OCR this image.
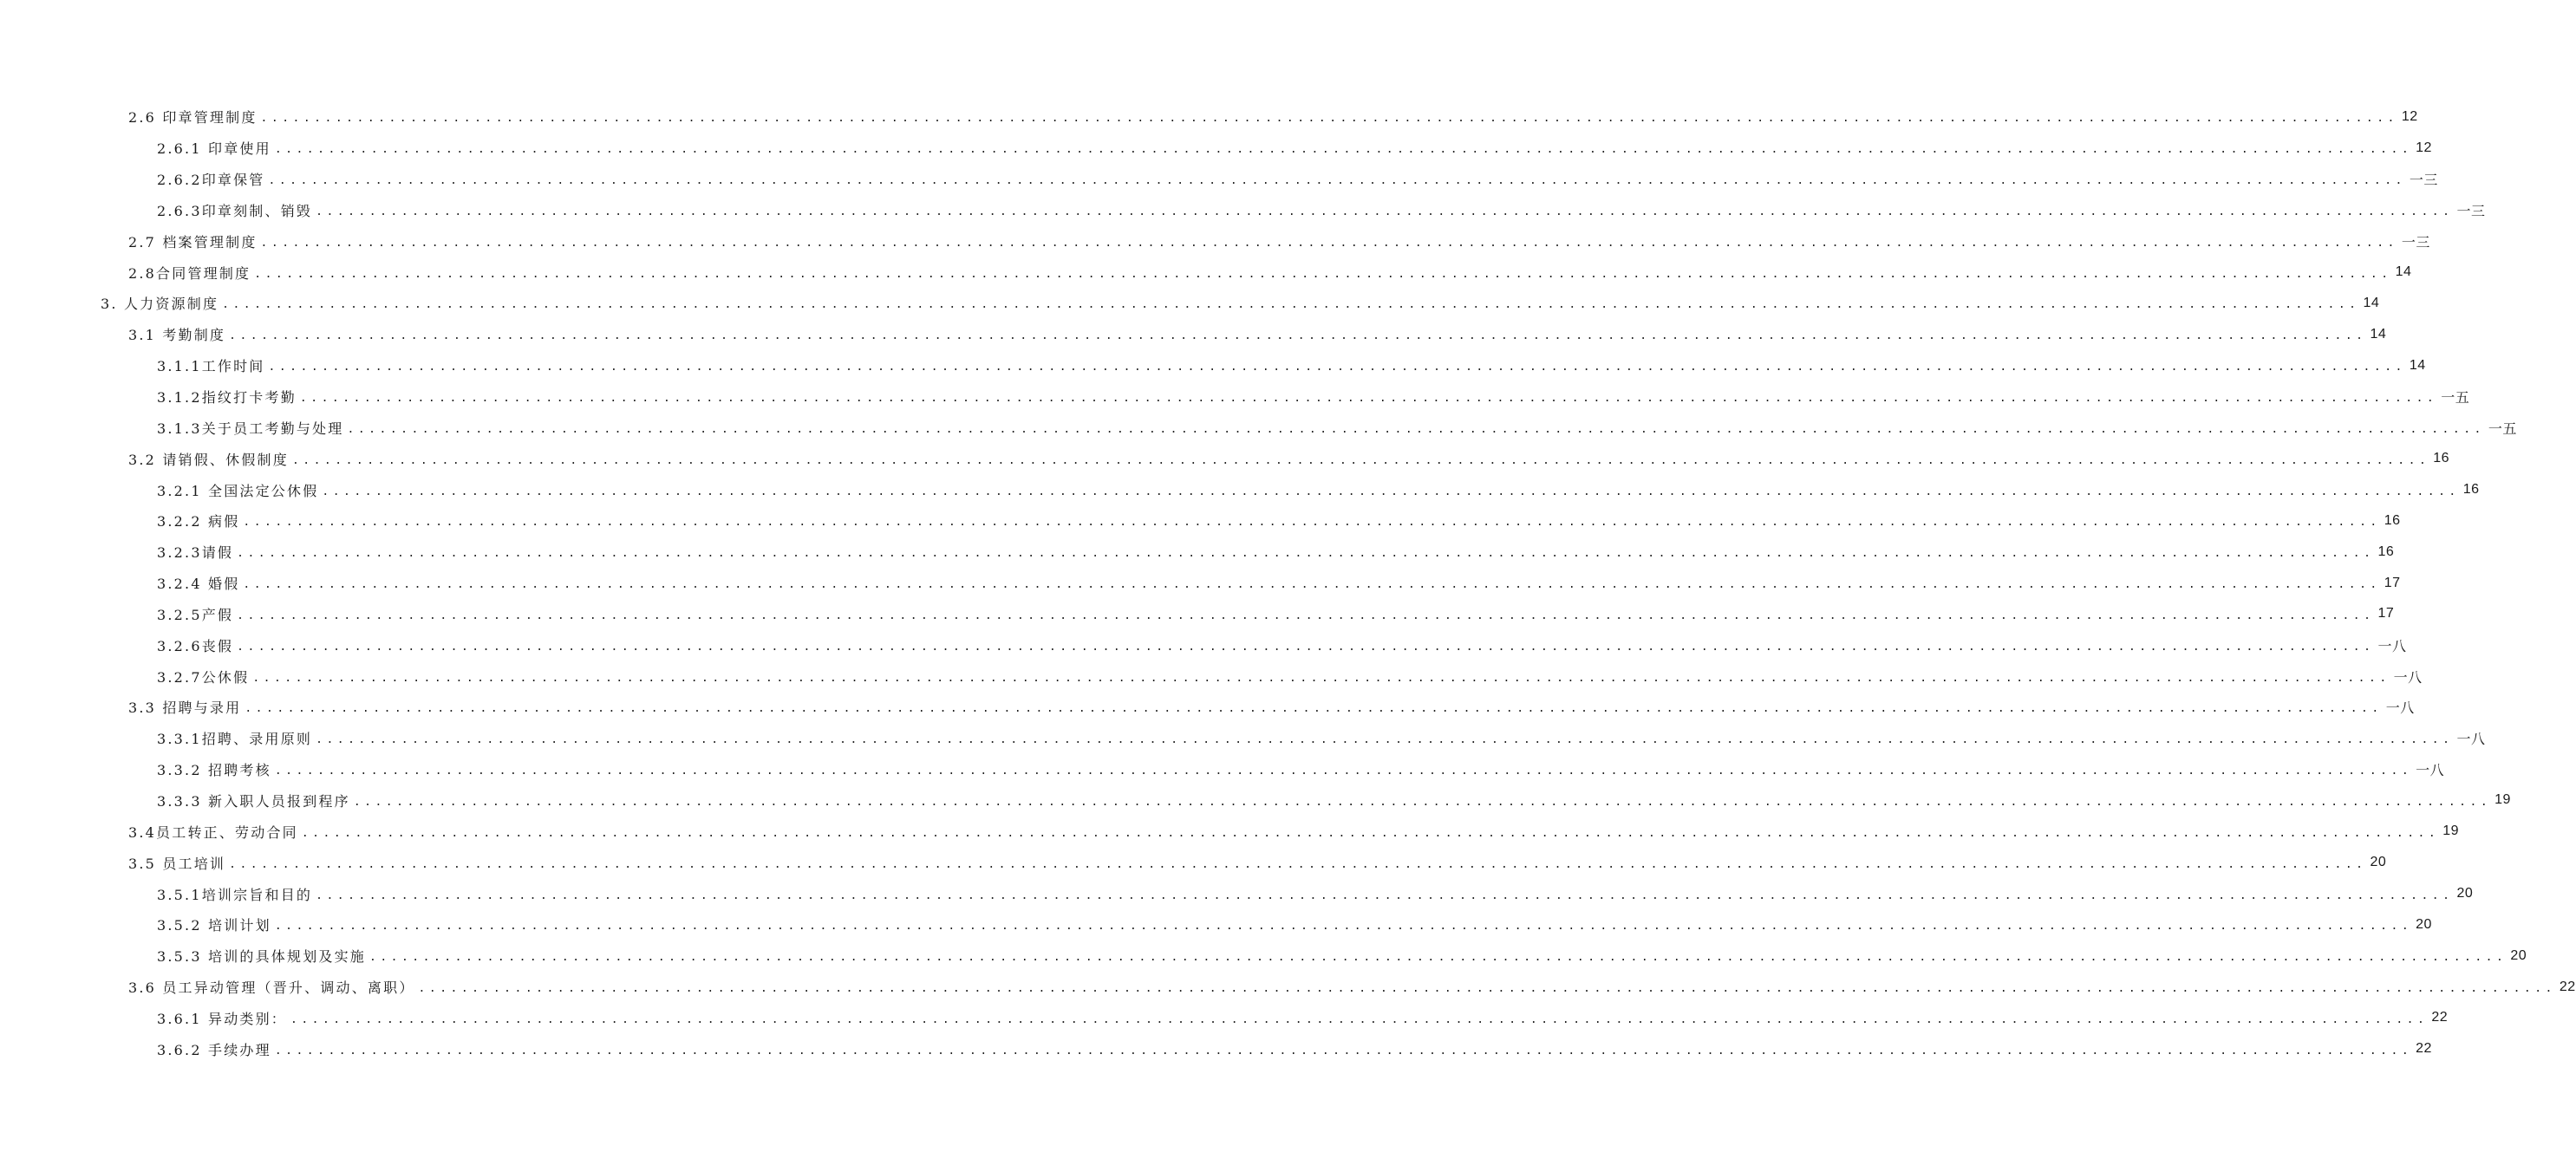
2.6 印章管理制度 ........................................................................................................................................................................................................ 12
2.6.1 印章使用 ........................................................................................................................................................................................................ 12
2.6.2印章保管 ........................................................................................................................................................................................................ 一三
2.6.3印章刻制、销毁 ........................................................................................................................................................................................................ 一三
2.7 档案管理制度 ........................................................................................................................................................................................................ 一三
2.8合同管理制度 ........................................................................................................................................................................................................ 14
3. 人力资源制度 ........................................................................................................................................................................................................ 14
3.1 考勤制度 ........................................................................................................................................................................................................ 14
3.1.1工作时间 ........................................................................................................................................................................................................ 14
3.1.2指纹打卡考勤 ........................................................................................................................................................................................................ 一五
3.1.3关于员工考勤与处理 ........................................................................................................................................................................................................ 一五
3.2 请销假、休假制度 ........................................................................................................................................................................................................ 16
3.2.1 全国法定公休假 ........................................................................................................................................................................................................ 16
3.2.2 病假 ........................................................................................................................................................................................................ 16
3.2.3请假 ........................................................................................................................................................................................................ 16
3.2.4 婚假 ........................................................................................................................................................................................................ 17
3.2.5产假 ........................................................................................................................................................................................................ 17
3.2.6丧假 ........................................................................................................................................................................................................ 一八
3.2.7公休假 ........................................................................................................................................................................................................ 一八
3.3 招聘与录用 ........................................................................................................................................................................................................ 一八
3.3.1招聘、录用原则 ........................................................................................................................................................................................................ 一八
3.3.2 招聘考核 ........................................................................................................................................................................................................ 一八
3.3.3 新入职人员报到程序 ........................................................................................................................................................................................................ 19
3.4员工转正、劳动合同 ........................................................................................................................................................................................................ 19
3.5 员工培训 ........................................................................................................................................................................................................ 20
3.5.1培训宗旨和目的 ........................................................................................................................................................................................................ 20
3.5.2 培训计划 ........................................................................................................................................................................................................ 20
3.5.3 培训的具体规划及实施 ........................................................................................................................................................................................................ 20
3.6 员工异动管理（晋升、调动、离职） ........................................................................................................................................................................................................ 22
3.6.1 异动类别： ........................................................................................................................................................................................................ 22
3.6.2 手续办理 ........................................................................................................................................................................................................ 22
